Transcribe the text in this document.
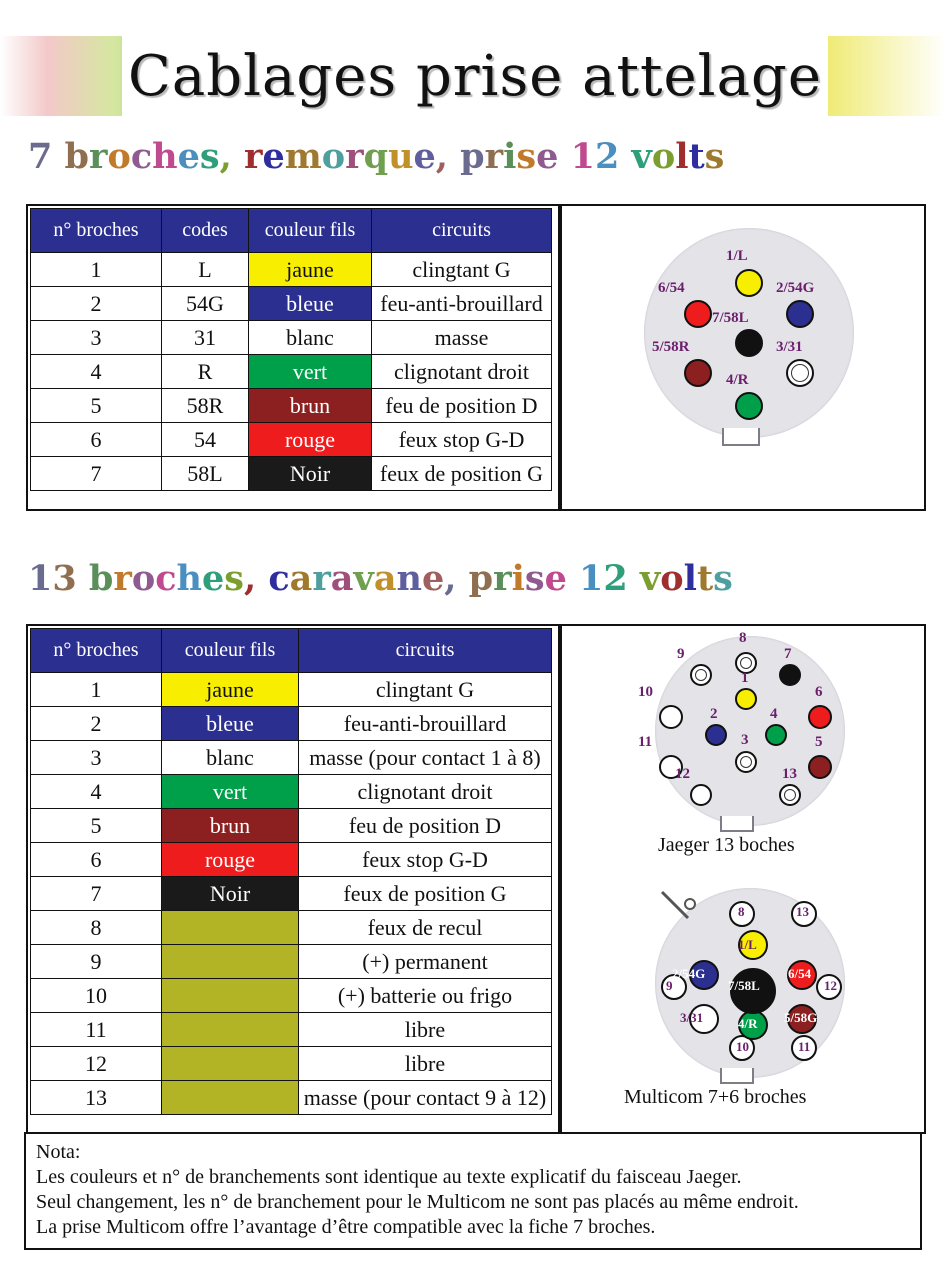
Cablages prise attelage
7 broches, remorque, prise 12 volts
n° broches	codes	couleur fils	circuits
1	L	jaune	clingtant G
2	54G	bleue	feu-anti-brouillard
3	31	blanc	masse
4	R	vert	clignotant droit
5	58R	brun	feu de position D
6	54	rouge	feux stop G-D
7	58L	Noir	feux de position G
1/L
6/54	2/54G
7/58L
5/58R	3/31
4/R
13 broches, caravane, prise 12 volts
n° broches	couleur fils	circuits
1	jaune	clingtant G
2	bleue	feu-anti-brouillard
3	blanc	masse (pour contact 1 à 8)
4	vert	clignotant droit
5	brun	feu de position D
6	rouge	feux stop G-D
7	Noir	feux de position G
8		feux de recul
9		(+) permanent
10		(+) batterie ou frigo
11		libre
12		libre
13		masse (pour contact 9 à 12)
8
9	7
1
10	6
2	4
11	3	5
12	13
Jaeger 13 boches
8	13
1/L
2/54G	6/54
12
9	7/58L
3/31	5/58G
10
4/R
11
Multicom 7+6 broches
Nota:
Les couleurs et n° de branchements sont identique au texte explicatif du faisceau Jaeger.
Seul changement, les n° de branchement pour le Multicom ne sont pas placés au même endroit.
La prise Multicom offre l’avantage d’être compatible avec la fiche 7 broches.
